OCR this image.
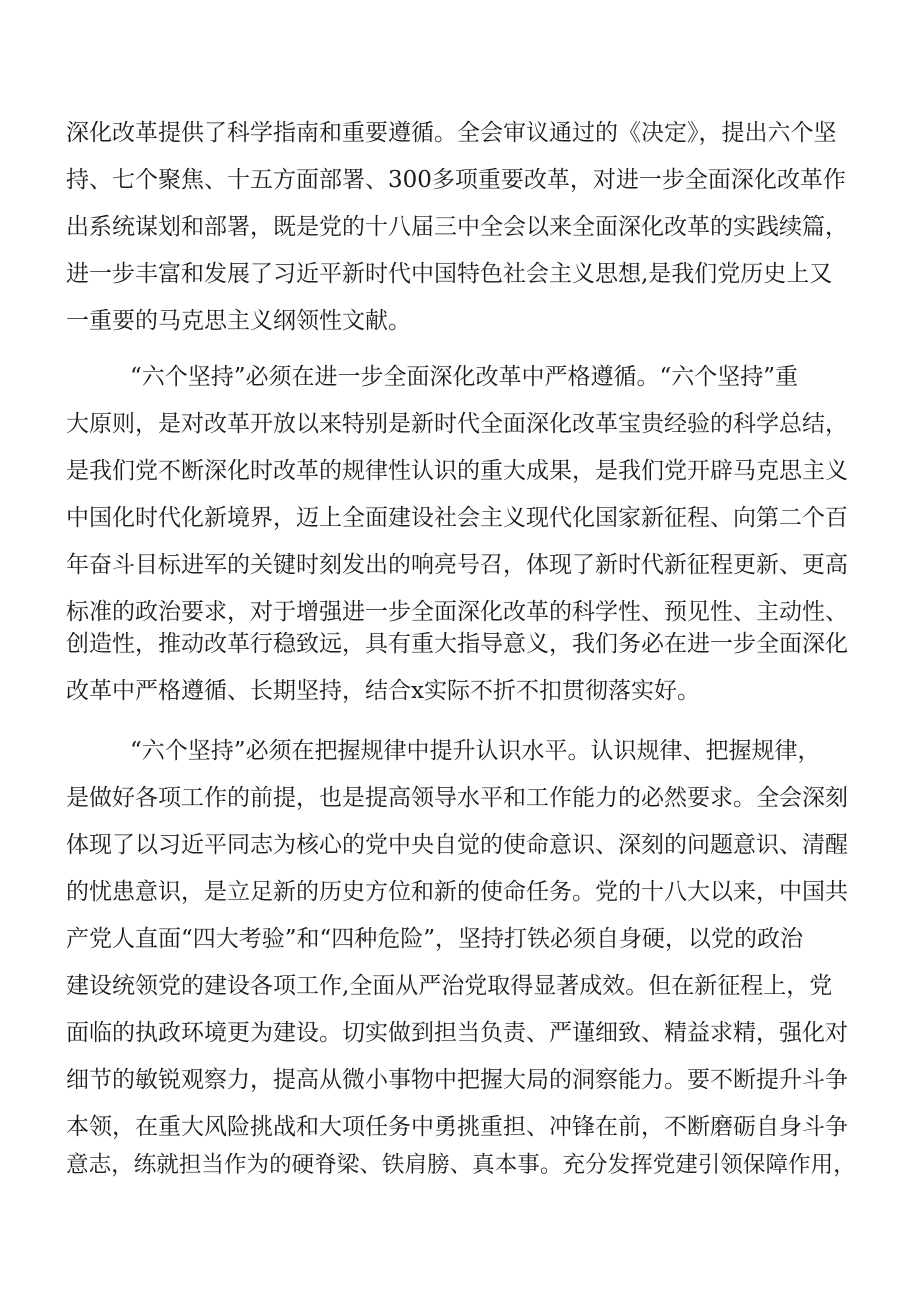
深化改革提供了科学指南和重要遵循。全会审议通过的《决定》，提出六个坚
持、七个聚焦、十五方面部署、300多项重要改革，对进一步全面深化改革作
出系统谋划和部署，既是党的十八届三中全会以来全面深化改革的实践续篇，
进一步丰富和发展了习近平新时代中国特色社会主义思想,是我们党历史上又
一重要的马克思主义纲领性文献。
“六个坚持”必须在进一步全面深化改革中严格遵循。“六个坚持”重
大原则，是对改革开放以来特别是新时代全面深化改革宝贵经验的科学总结，
是我们党不断深化时改革的规律性认识的重大成果，是我们党开辟马克思主义
中国化时代化新境界，迈上全面建设社会主义现代化国家新征程、向第二个百
年奋斗目标进军的关键时刻发出的响亮号召，体现了新时代新征程更新、更高
标准的政治要求，对于增强进一步全面深化改革的科学性、预见性、主动性、
创造性，推动改革行稳致远，具有重大指导意义，我们务必在进一步全面深化
改革中严格遵循、长期坚持，结合x实际不折不扣贯彻落实好。
“六个坚持”必须在把握规律中提升认识水平。认识规律、把握规律，
是做好各项工作的前提，也是提高领导水平和工作能力的必然要求。全会深刻
体现了以习近平同志为核心的党中央自觉的使命意识、深刻的问题意识、清醒
的忧患意识，是立足新的历史方位和新的使命任务。党的十八大以来，中国共
产党人直面“四大考验”和“四种危险”，坚持打铁必须自身硬，以党的政治
建设统领党的建设各项工作,全面从严治党取得显著成效。但在新征程上，党
面临的执政环境更为建设。切实做到担当负责、严谨细致、精益求精，强化对
细节的敏锐观察力，提高从微小事物中把握大局的洞察能力。要不断提升斗争
本领，在重大风险挑战和大项任务中勇挑重担、冲锋在前，不断磨砺自身斗争
意志，练就担当作为的硬脊梁、铁肩膀、真本事。充分发挥党建引领保障作用，
